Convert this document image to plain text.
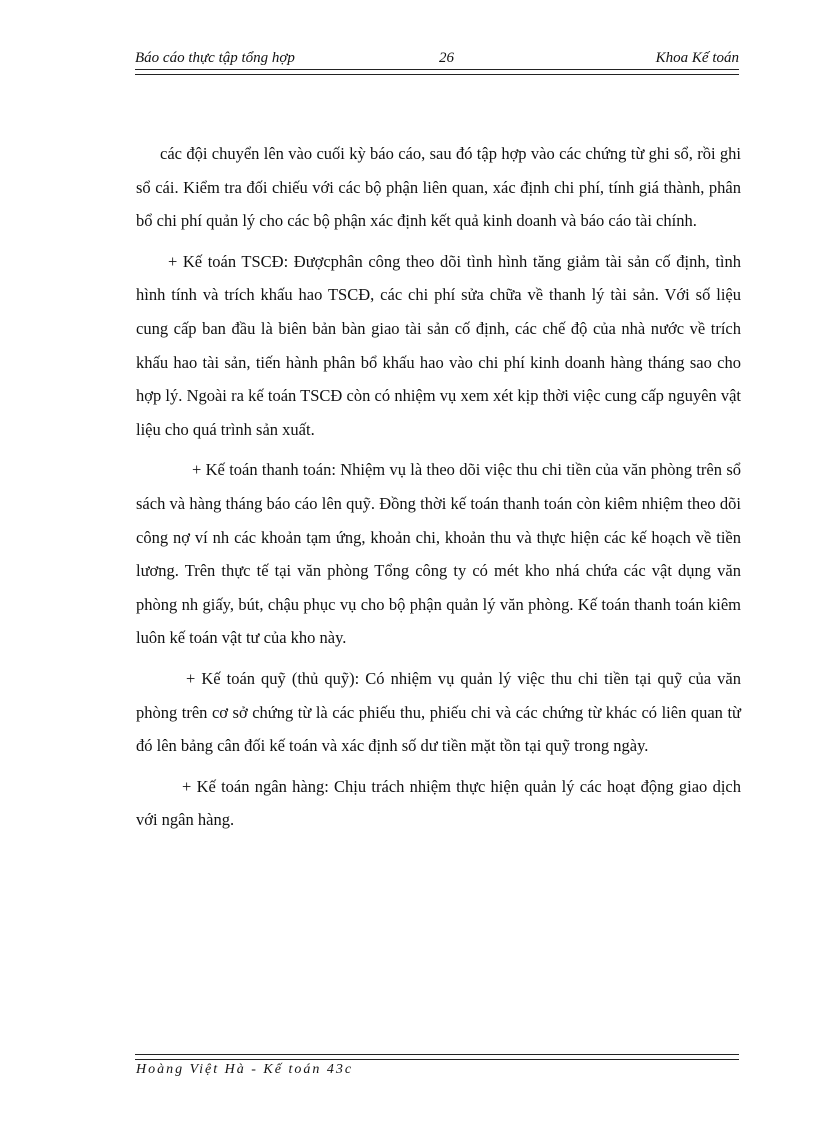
Báo cáo thực tập tổng hợp	26	Khoa Kế toán

các đội chuyển lên vào cuối kỳ báo cáo, sau đó tập hợp vào các chứng từ ghi sổ, rồi ghi sổ cái. Kiểm tra đối chiếu với các bộ phận liên quan, xác định chi phí, tính giá thành, phân bổ chi phí quản lý cho các bộ phận xác định kết quả kinh doanh và báo cáo tài chính.

+ Kế toán TSCĐ: Đượcphân công theo dõi tình hình tăng giảm tài sản cố định, tình hình tính và trích khấu hao TSCĐ, các chi phí sửa chữa về thanh lý tài sản. Với số liệu cung cấp ban đầu là biên bản bàn giao tài sản cố định, các chế độ của nhà nước về trích khấu hao tài sản, tiến hành phân bổ khấu hao vào chi phí kinh doanh hàng tháng sao cho hợp lý. Ngoài ra kế toán TSCĐ còn có nhiệm vụ xem xét kịp thời việc cung cấp nguyên vật liệu cho quá trình sản xuất.

+ Kế toán thanh toán: Nhiệm vụ là theo dõi việc thu chi tiền của văn phòng trên sổ sách và hàng tháng báo cáo lên quỹ. Đồng thời kế toán thanh toán còn kiêm nhiệm theo dõi công nợ ví nh các khoản tạm ứng, khoản chi, khoản thu và thực hiện các kế hoạch về tiền lương. Trên thực tế tại văn phòng Tổng công ty có mét kho nhá chứa các vật dụng văn phòng nh giấy, bút, chậu phục vụ cho bộ phận quản lý văn phòng. Kế toán thanh toán kiêm luôn kế toán vật tư của kho này.

+ Kế toán quỹ (thủ quỹ): Có nhiệm vụ quản lý việc thu chi tiền tại quỹ của văn phòng trên cơ sở chứng từ là các phiếu thu, phiếu chi và các chứng từ khác có liên quan từ đó lên bảng cân đối kế toán và xác định số dư tiền mặt tồn tại quỹ trong ngày.

+ Kế toán ngân hàng: Chịu trách nhiệm thực hiện quản lý các hoạt động giao dịch với ngân hàng.

Hoàng Việt Hà - Kế toán 43c
